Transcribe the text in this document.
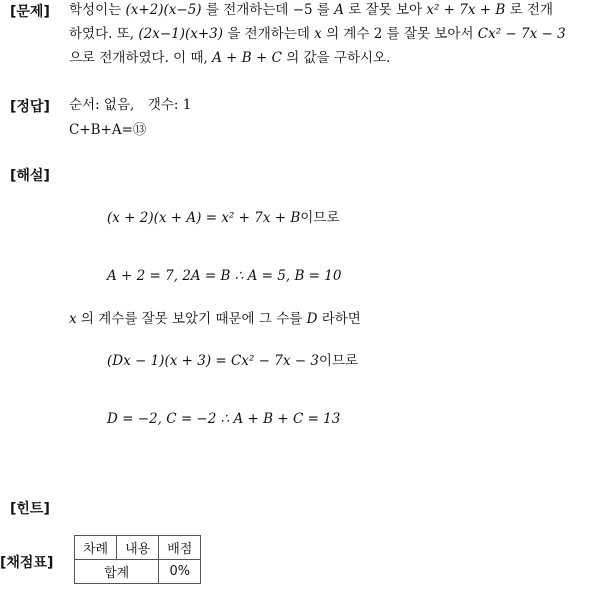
[문제] 학성이는 (x+2)(x−5) 를 전개하는데 −5 를 A 로 잘못 보아 x² + 7x + B 로 전개
하였다. 또, (2x−1)(x+3) 을 전개하는데 x 의 계수 2 를 잘못 보아서 Cx² − 7x − 3
으로 전개하였다. 이 때, A + B + C 의 값을 구하시오.
[정답] 순서: 없음,　갯수: 1
C+B+A=⑬
[해설]
(x + 2)(x + A) = x² + 7x + B이므로
A + 2 = 7, 2A = B ∴ A = 5, B = 10
x 의 계수를 잘못 보았기 때문에 그 수를 D 라하면
(Dx − 1)(x + 3) = Cx² − 7x − 3이므로
D = −2, C = −2 ∴ A + B + C = 13
[힌트]
[채점표]
차례	내용	배점
합계		0%
